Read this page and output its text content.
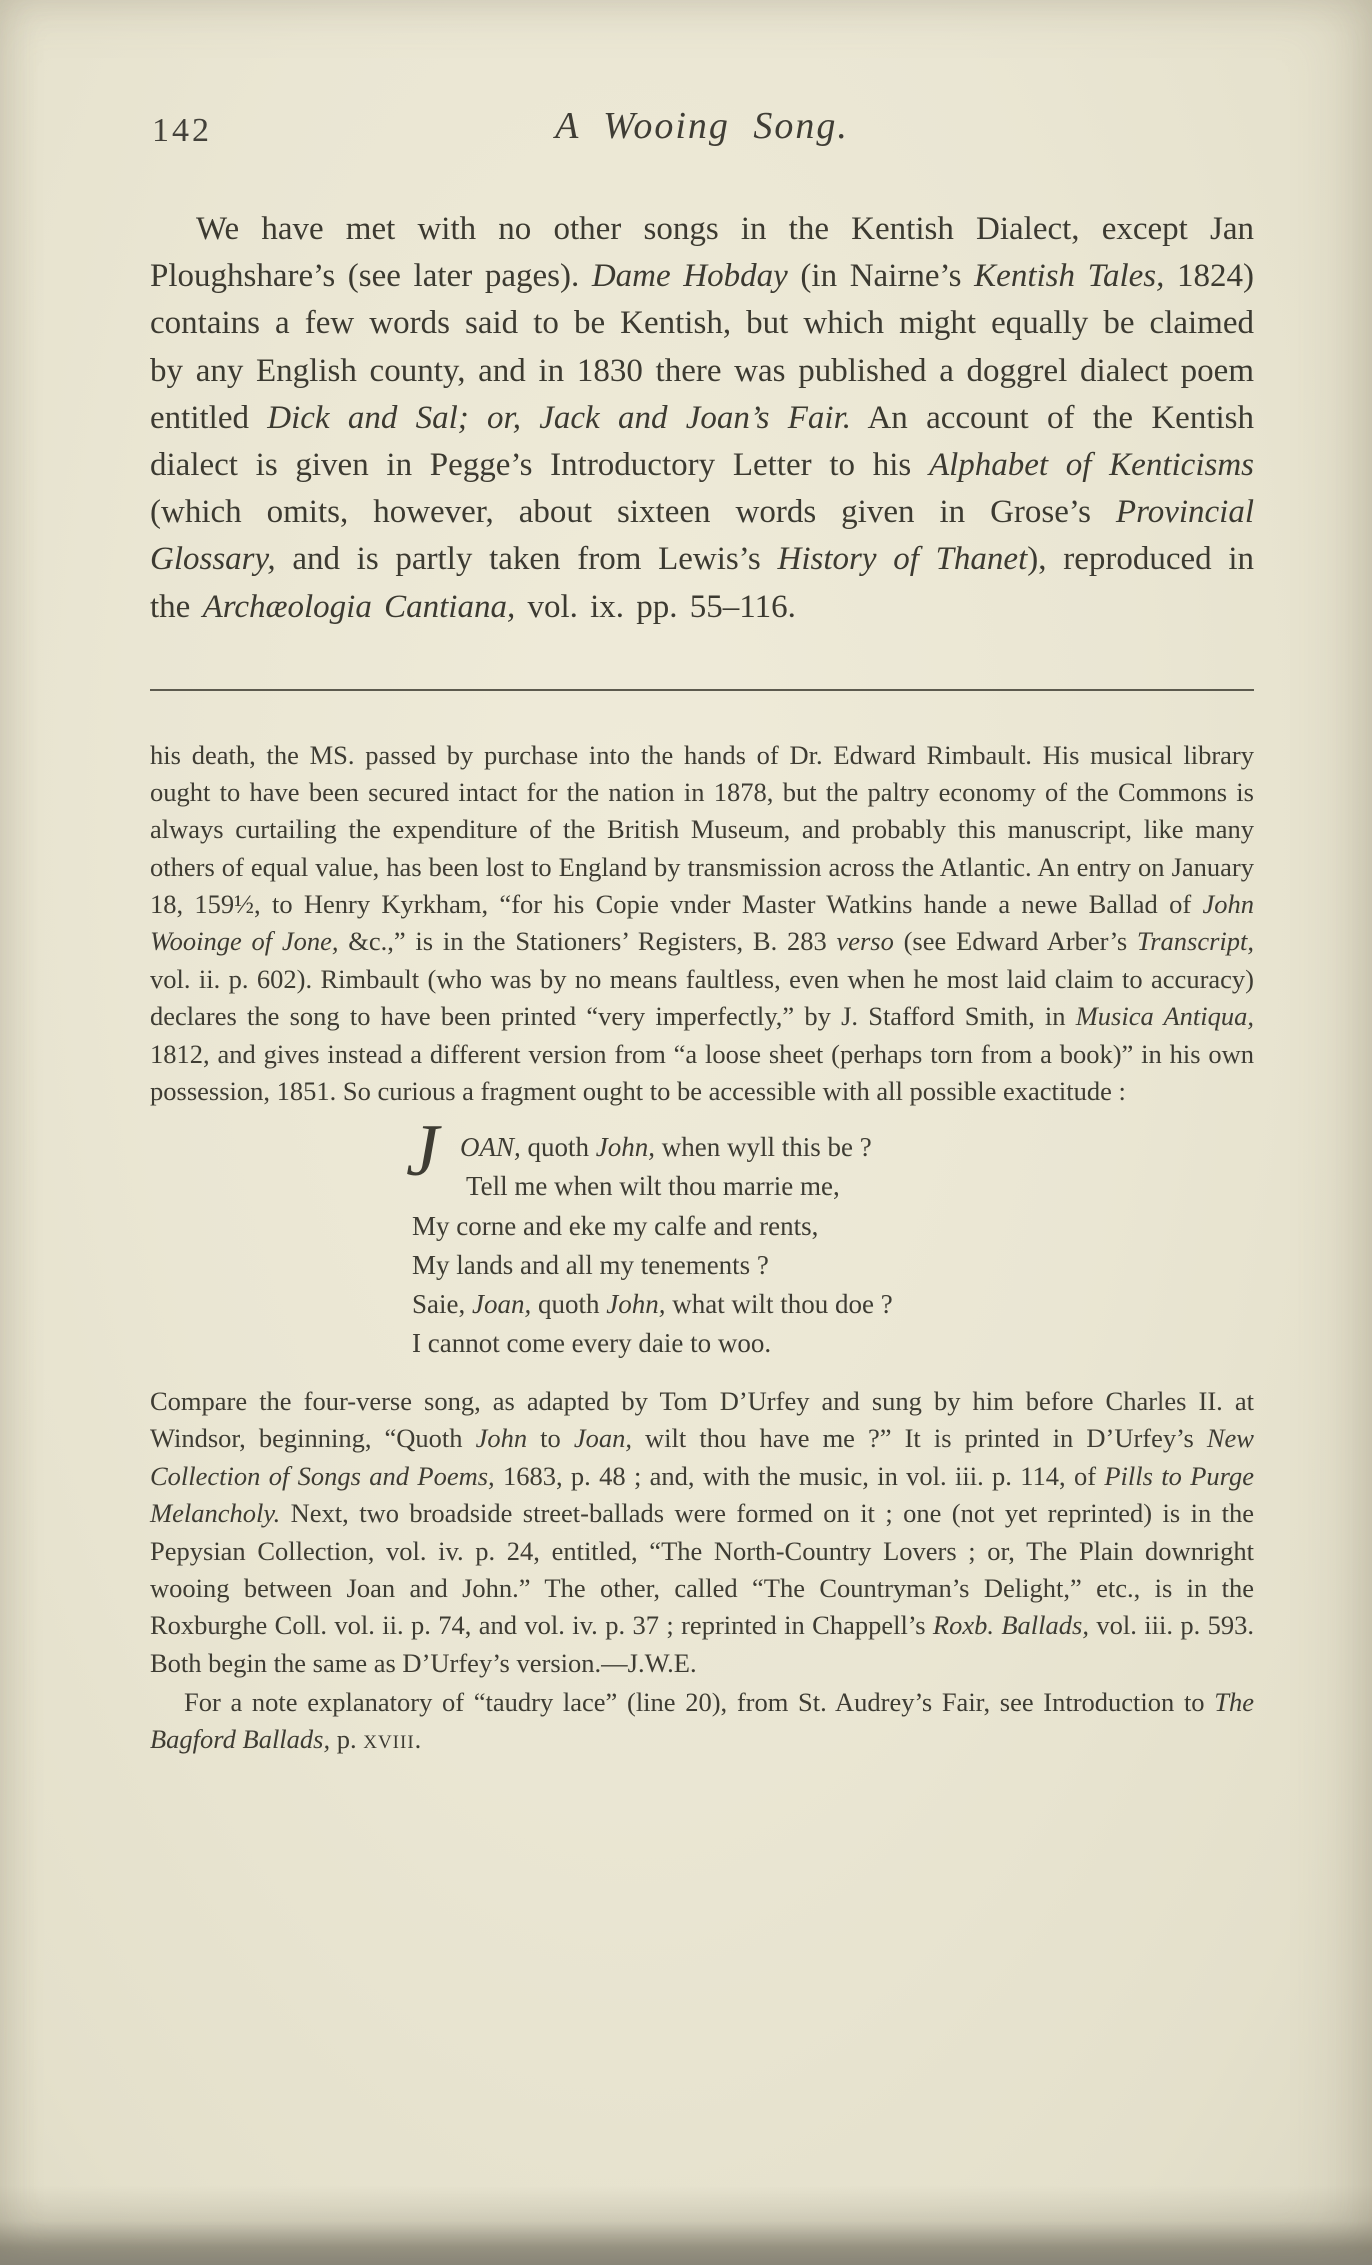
142	A Wooing Song.

We have met with no other songs in the Kentish Dialect, except Jan Ploughshare’s (see later pages). Dame Hobday (in Nairne’s Kentish Tales, 1824) contains a few words said to be Kentish, but which might equally be claimed by any English county, and in 1830 there was published a doggrel dialect poem entitled Dick and Sal; or, Jack and Joan’s Fair. An account of the Kentish dialect is given in Pegge’s Introductory Letter to his Alphabet of Kenticisms (which omits, however, about sixteen words given in Grose’s Provincial Glossary, and is partly taken from Lewis’s History of Thanet), reproduced in the Archæologia Cantiana, vol. ix. pp. 55–116.

his death, the MS. passed by purchase into the hands of Dr. Edward Rimbault. His musical library ought to have been secured intact for the nation in 1878, but the paltry economy of the Commons is always curtailing the expenditure of the British Museum, and probably this manuscript, like many others of equal value, has been lost to England by transmission across the Atlantic. An entry on January 18, 159½, to Henry Kyrkham, “for his Copie vnder Master Watkins hande a newe Ballad of John Wooinge of Jone, &c.,” is in the Stationers’ Registers, B. 283 verso (see Edward Arber’s Transcript, vol. ii. p. 602). Rimbault (who was by no means faultless, even when he most laid claim to accuracy) declares the song to have been printed “very imperfectly,” by J. Stafford Smith, in Musica Antiqua, 1812, and gives instead a different version from “a loose sheet (perhaps torn from a book)” in his own possession, 1851. So curious a fragment ought to be accessible with all possible exactitude :

J OAN, quoth John, when wyll this be ?
Tell me when wilt thou marrie me,
My corne and eke my calfe and rents,
My lands and all my tenements ?
Saie, Joan, quoth John, what wilt thou doe ?
I cannot come every daie to woo.

Compare the four-verse song, as adapted by Tom D’Urfey and sung by him before Charles II. at Windsor, beginning, “Quoth John to Joan, wilt thou have me ?” It is printed in D’Urfey’s New Collection of Songs and Poems, 1683, p. 48 ; and, with the music, in vol. iii. p. 114, of Pills to Purge Melancholy. Next, two broadside street-ballads were formed on it ; one (not yet reprinted) is in the Pepysian Collection, vol. iv. p. 24, entitled, “The North-Country Lovers ; or, The Plain downright wooing between Joan and John.” The other, called “The Countryman’s Delight,” etc., is in the Roxburghe Coll. vol. ii. p. 74, and vol. iv. p. 37 ; reprinted in Chappell’s Roxb. Ballads, vol. iii. p. 593. Both begin the same as D’Urfey’s version.—J.W.E.

For a note explanatory of “taudry lace” (line 20), from St. Audrey’s Fair, see Introduction to The Bagford Ballads, p. xviii.
